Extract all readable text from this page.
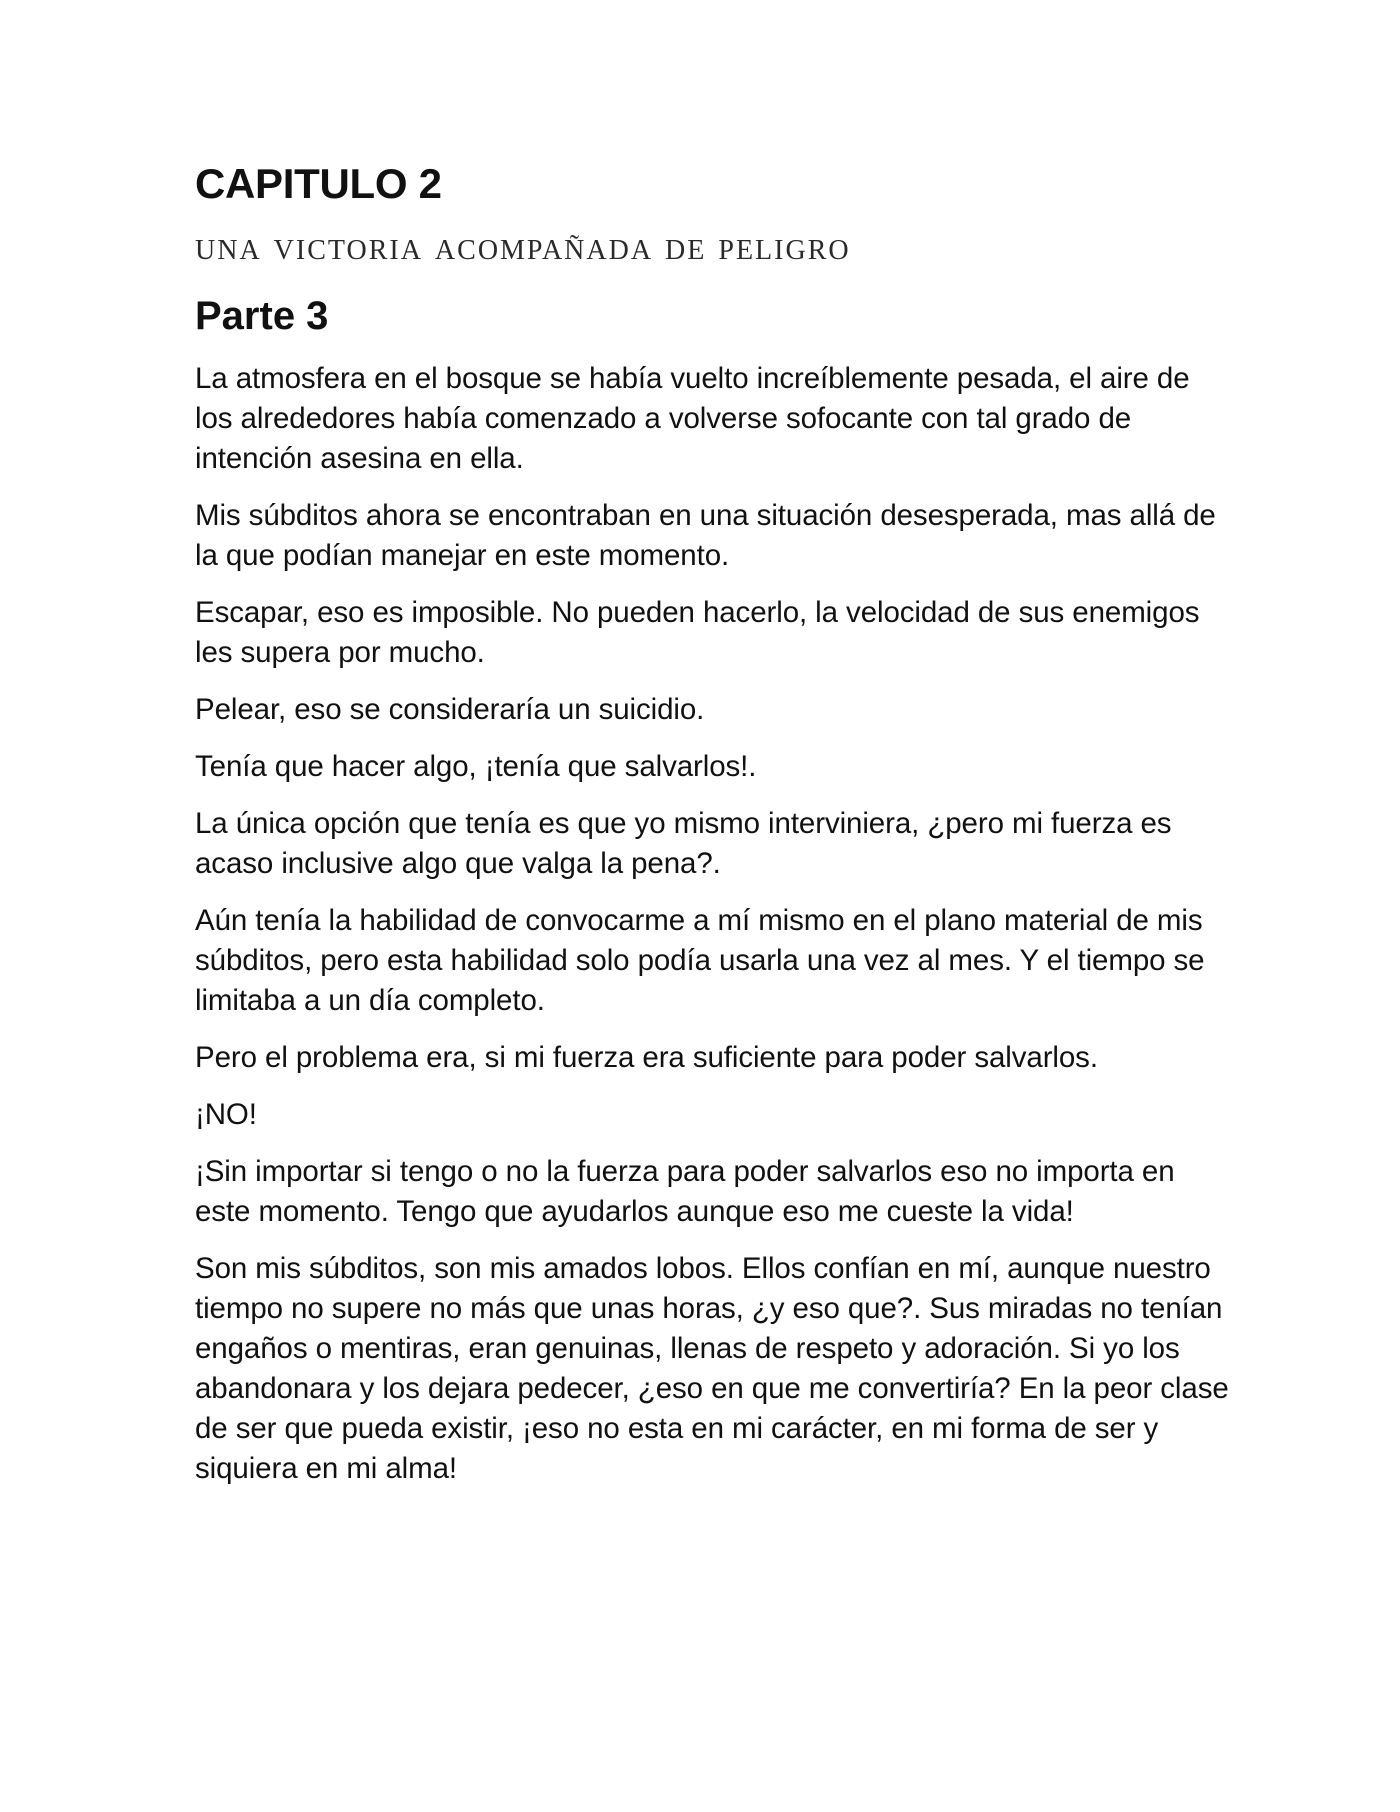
CAPITULO 2
una victoria acompañada de peligro
Parte 3

La atmosfera en el bosque se había vuelto increíblemente pesada, el aire de los alrededores había comenzado a volverse sofocante con tal grado de intención asesina en ella.

Mis súbditos ahora se encontraban en una situación desesperada, mas allá de la que podían manejar en este momento.

Escapar, eso es imposible. No pueden hacerlo, la velocidad de sus enemigos les supera por mucho.

Pelear, eso se consideraría un suicidio.

Tenía que hacer algo, ¡tenía que salvarlos!.

La única opción que tenía es que yo mismo interviniera, ¿pero mi fuerza es acaso inclusive algo que valga la pena?.

Aún tenía la habilidad de convocarme a mí mismo en el plano material de mis súbditos, pero esta habilidad solo podía usarla una vez al mes. Y el tiempo se limitaba a un día completo.

Pero el problema era, si mi fuerza era suficiente para poder salvarlos.

¡NO!

¡Sin importar si tengo o no la fuerza para poder salvarlos eso no importa en este momento. Tengo que ayudarlos aunque eso me cueste la vida!

Son mis súbditos, son mis amados lobos. Ellos confían en mí, aunque nuestro tiempo no supere no más que unas horas, ¿y eso que?. Sus miradas no tenían engaños o mentiras, eran genuinas, llenas de respeto y adoración. Si yo los abandonara y los dejara pedecer, ¿eso en que me convertiría? En la peor clase de ser que pueda existir, ¡eso no esta en mi carácter, en mi forma de ser y siquiera en mi alma!
